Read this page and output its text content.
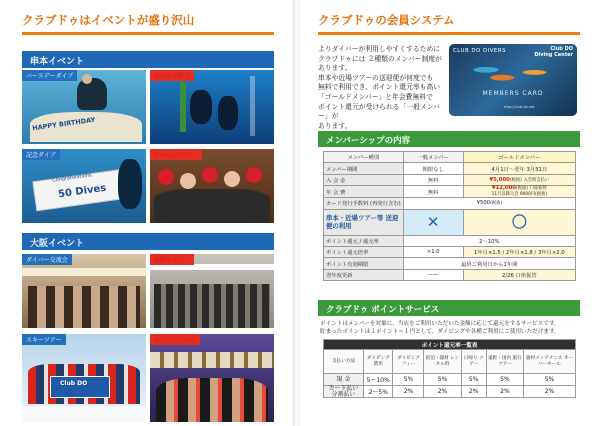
クラブドゥはイベントが盛り沢山
串本イベント
バースデーダイブ
HAPPY BIRTHDAY
水中七夕祭り
記念ダイブ
Congratulations
50 Dives
X'masパーティ
大阪イベント
ダイバー交流会	無料セミナー
スキーツアー
Club DO
ボーリング大会
クラブドゥの会員システム
よりダイバーが利用しやすくするために
クラブドゥには ２種類のメンバー制度が
あります。
串本や近場ツアーの送迎便が何度でも
無料で利用でき、ポイント還元率も高い
「ゴールドメンバー」と年会費無料で
ポイント還元が受けられる「一般メンバー」が
あります。
CLUB DO DIVERS	Club DO
Diving Center
MEMBERS CARD
http://club-do.net
メンバーシップの内容
メンバー種別	一般メンバー	ゴールドメンバー
メンバー期間	期限なし	4月1日〜翌年 3月31日
入 会 金	無料	¥5,000(税抜) 入会時支払い
年 会 費	無料	¥12,000(税抜) 口座振替
11月以降入会 9000円(税抜)
カード発行手数料 (再発行含む)	¥500(税抜)	
串本・近場ツアー等 送迎便の利用	✕	〇
ポイント還元 / 還元率	2〜10%	
ポイント還元倍率	×1.0	1年目×1.5 / 2年目×1.8 / 3年目×2.0
ポイント有効期限	最終ご利用日から1年間	
翌年度更新	——	2/26 口座振替
クラブドゥ ポイントサービス
ポイントはメンバーを対象に、当店をご利用いただいた金額に応じて還元をするサービスです。
貯まったポイントは１ポイント＝１円として、ダイビングや各種ご利用にご使用いただけます。
ポイント還元率一覧表						
支払い方法	ダイビング 費用	ダイビング フィー	宿泊・器材 レンタル料	日帰り ツアー	遠距・国内 旅行ツアー	器材メンテナンス オーバーホール
現 金	5〜10%	5%	5%	5%	5%	5%
カード払い 分割払い	2〜5%	2%	2%	2%	2%	2%
